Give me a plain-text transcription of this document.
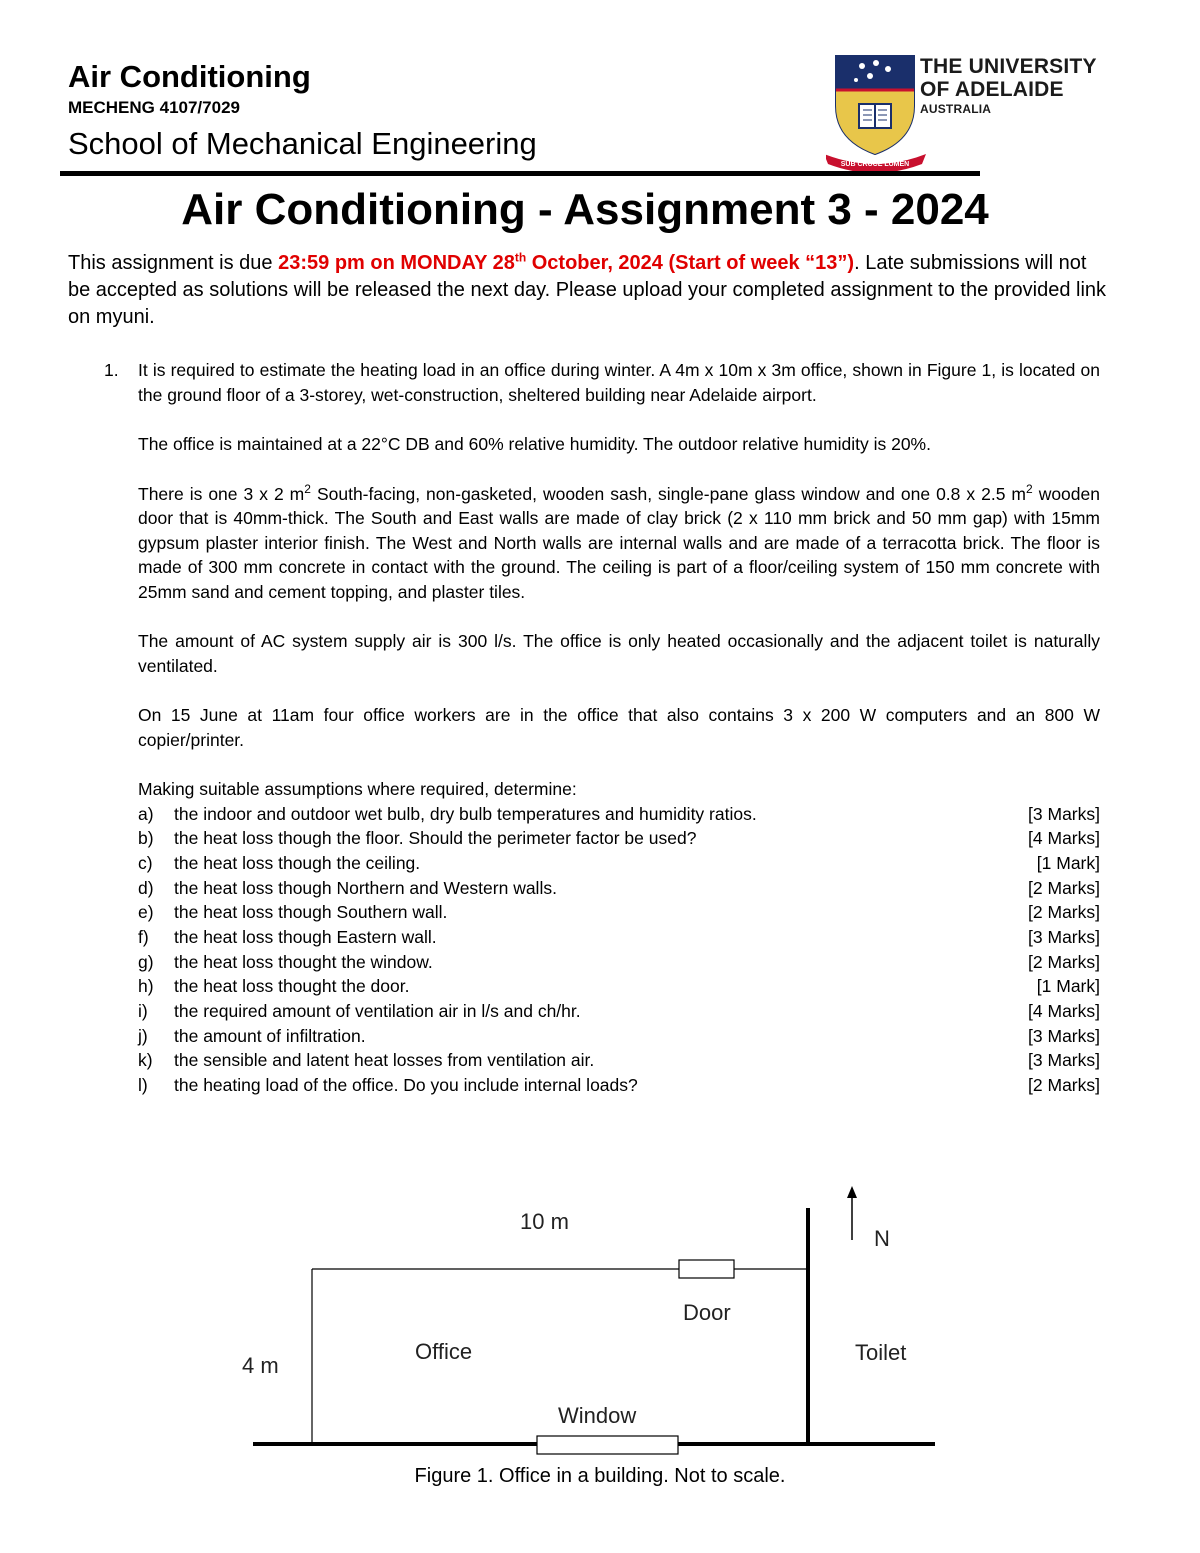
Air Conditioning
MECHENG 4107/7029
School of Mechanical Engineering
SUB CRUCE LUMEN
THE UNIVERSITY
OF ADELAIDE
AUSTRALIA
Air Conditioning - Assignment 3 - 2024
This assignment is due 23:59 pm on MONDAY 28th October, 2024 (Start of week “13”). Late submissions will not be accepted as solutions will be released the next day. Please upload your completed assignment to the provided link on myuni.
1. It is required to estimate the heating load in an office during winter. A 4m x 10m x 3m office, shown in Figure 1, is located on the ground floor of a 3-storey, wet-construction, sheltered building near Adelaide airport.

The office is maintained at a 22°C DB and 60% relative humidity. The outdoor relative humidity is 20%.

There is one 3 x 2 $m^2$ South-facing, non-gasketed, wooden sash, single-pane glass window and one 0.8 x 2.5 $m^2$ wooden door that is 40mm-thick. The South and East walls are made of clay brick (2 x 110 mm brick and 50 mm gap) with 15mm gypsum plaster interior finish. The West and North walls are internal walls and are made of a terracotta brick. The floor is made of 300 mm concrete in contact with the ground. The ceiling is part of a floor/ceiling system of 150 mm concrete with 25mm sand and cement topping, and plaster tiles.

The amount of AC system supply air is 300 l/s. The office is only heated occasionally and the adjacent toilet is naturally ventilated.

On 15 June at 11am four office workers are in the office that also contains 3 x 200 W computers and an 800 W copier/printer.

Making suitable assumptions where required, determine:

a)	the indoor and outdoor wet bulb, dry bulb temperatures and humidity ratios.	[3 Marks]
b)	the heat loss though the floor. Should the perimeter factor be used?	[4 Marks]
c)	the heat loss though the ceiling.	[1 Mark]
d)	the heat loss though Northern and Western walls.	[2 Marks]
e)	the heat loss though Southern wall.	[2 Marks]
f)	the heat loss though Eastern wall.	[3 Marks]
g)	the heat loss thought the window.	[2 Marks]
h)	the heat loss thought the door.	[1 Mark]
i)	the required amount of ventilation air in l/s and ch/hr.	[4 Marks]
j)	the amount of infiltration.	[3 Marks]
k)	the sensible and latent heat losses from ventilation air.	[3 Marks]
l)	the heating load of the office. Do you include internal loads?	[2 Marks]
10 m
N
Door
Office	Toilet
4 m
Window
Figure 1. Office in a building. Not to scale.
